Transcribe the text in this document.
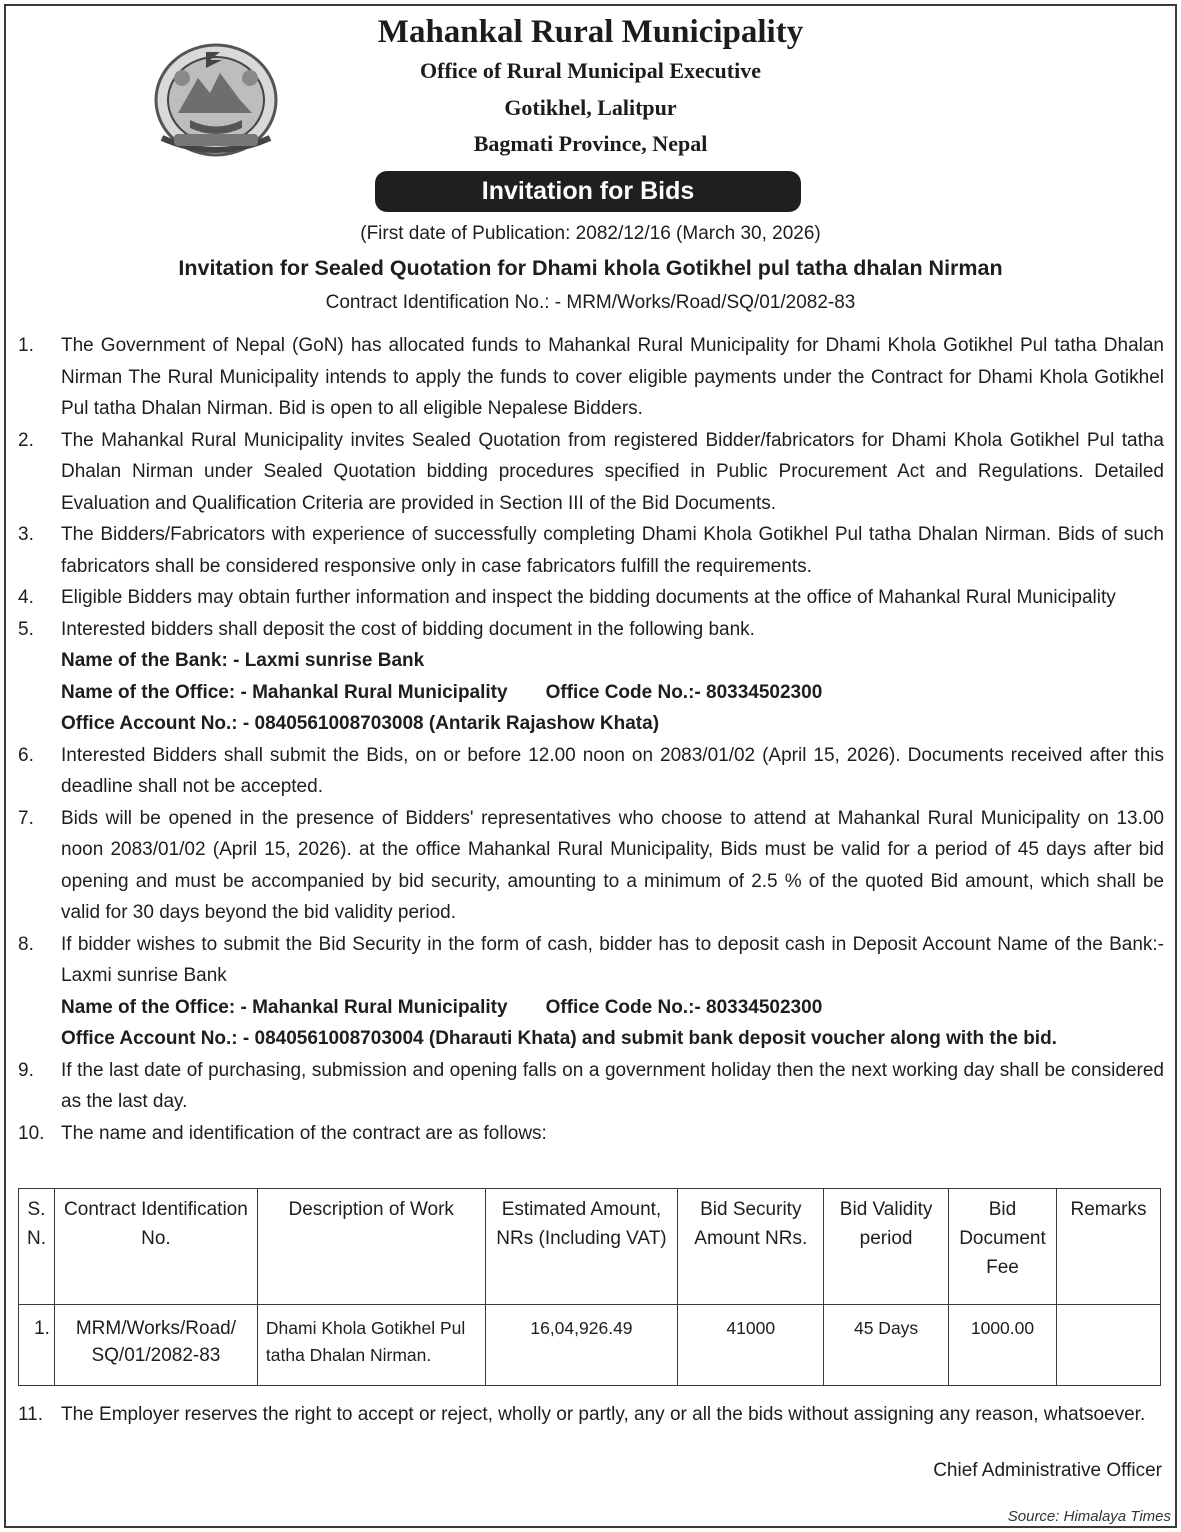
Mahankal Rural Municipality
Office of Rural Municipal Executive
Gotikhel, Lalitpur
Bagmati Province, Nepal
Invitation for Bids
(First date of Publication: 2082/12/16 (March 30, 2026)
Invitation for Sealed Quotation for Dhami khola Gotikhel pul tatha dhalan Nirman
Contract Identification No.: - MRM/Works/Road/SQ/01/2082-83
1. The Government of Nepal (GoN) has allocated funds to Mahankal Rural Municipality for Dhami Khola Gotikhel Pul tatha Dhalan Nirman The Rural Municipality intends to apply the funds to cover eligible payments under the Contract for Dhami Khola Gotikhel Pul tatha Dhalan Nirman. Bid is open to all eligible Nepalese Bidders.
2. The Mahankal Rural Municipality invites Sealed Quotation from registered Bidder/fabricators for Dhami Khola Gotikhel Pul tatha Dhalan Nirman under Sealed Quotation bidding procedures specified in Public Procurement Act and Regulations. Detailed Evaluation and Qualification Criteria are provided in Section III of the Bid Documents.
3. The Bidders/Fabricators with experience of successfully completing Dhami Khola Gotikhel Pul tatha Dhalan Nirman. Bids of such fabricators shall be considered responsive only in case fabricators fulfill the requirements.
4. Eligible Bidders may obtain further information and inspect the bidding documents at the office of Mahankal Rural Municipality
5. Interested bidders shall deposit the cost of bidding document in the following bank.
Name of the Bank: - Laxmi sunrise Bank
Name of the Office: - Mahankal Rural Municipality Office Code No.:- 80334502300
Office Account No.: - 0840561008703008 (Antarik Rajashow Khata)
6. Interested Bidders shall submit the Bids, on or before 12.00 noon on 2083/01/02 (April 15, 2026). Documents received after this deadline shall not be accepted.
7. Bids will be opened in the presence of Bidders' representatives who choose to attend at Mahankal Rural Municipality on 13.00 noon 2083/01/02 (April 15, 2026). at the office Mahankal Rural Municipality, Bids must be valid for a period of 45 days after bid opening and must be accompanied by bid security, amounting to a minimum of 2.5 % of the quoted Bid amount, which shall be valid for 30 days beyond the bid validity period.
8. If bidder wishes to submit the Bid Security in the form of cash, bidder has to deposit cash in Deposit Account Name of the Bank:-Laxmi sunrise Bank
Name of the Office: - Mahankal Rural Municipality Office Code No.:- 80334502300
Office Account No.: - 0840561008703004 (Dharauti Khata) and submit bank deposit voucher along with the bid.
9. If the last date of purchasing, submission and opening falls on a government holiday then the next working day shall be considered as the last day.
10. The name and identification of the contract are as follows:
S. N.	Contract Identification No.	Description of Work	Estimated Amount, NRs (Including VAT)	Bid Security Amount NRs.	Bid Validity period	Bid Document Fee	Remarks
1.	MRM/Works/Road/ SQ/01/2082-83	Dhami Khola Gotikhel Pul tatha Dhalan Nirman.	16,04,926.49	41000	45 Days	1000.00	
11. The Employer reserves the right to accept or reject, wholly or partly, any or all the bids without assigning any reason, whatsoever.
Chief Administrative Officer
Source: Himalaya Times
